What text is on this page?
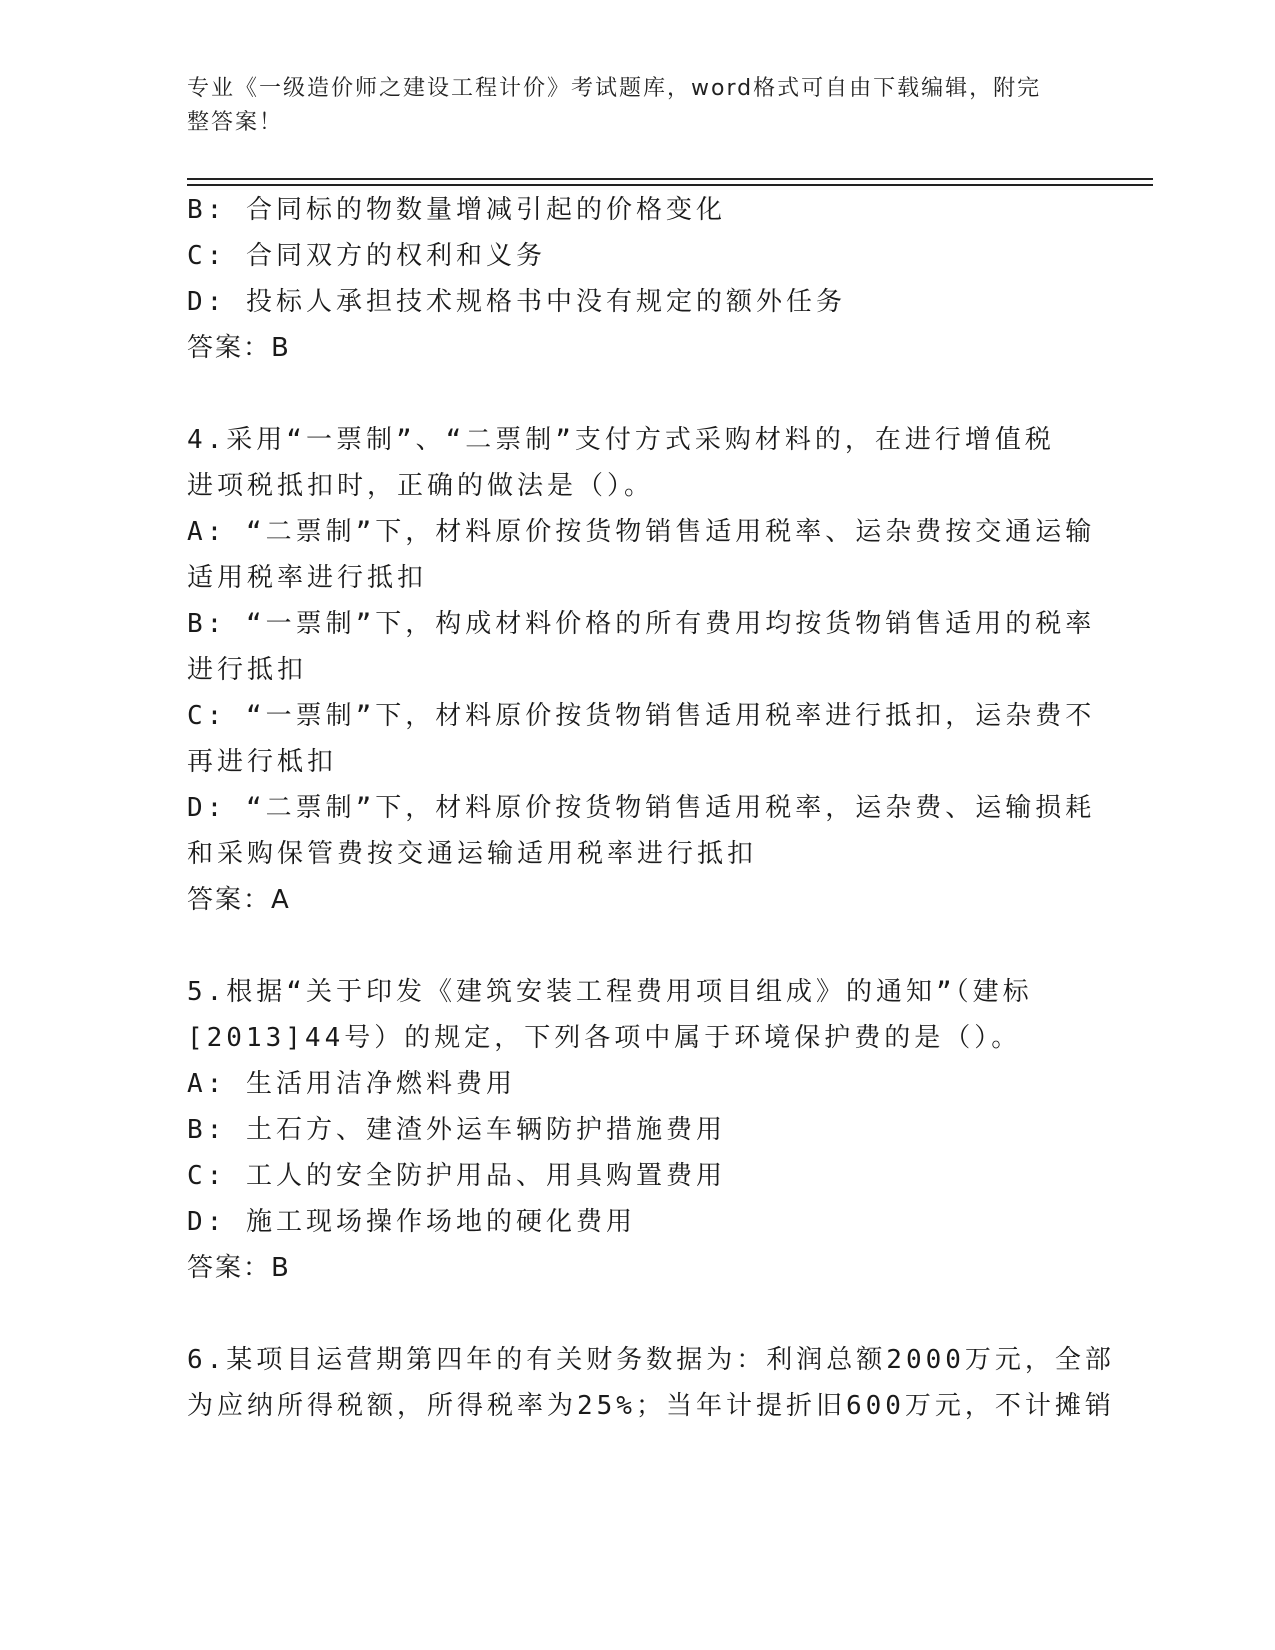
专业《一级造价师之建设工程计价》考试题库，word格式可自由下载编辑，附完
整答案！
B: 合同标的物数量增减引起的价格变化
C: 合同双方的权利和义务
D: 投标人承担技术规格书中没有规定的额外任务
答案：B
4.采用“一票制”、“二票制”支付方式采购材料的，在进行增值税
进项税抵扣时，正确的做法是（）。
A: “二票制”下，材料原价按货物销售适用税率、运杂费按交通运输
适用税率进行抵扣
B: “一票制”下，构成材料价格的所有费用均按货物销售适用的税率
进行抵扣
C: “一票制”下，材料原价按货物销售适用税率进行抵扣，运杂费不
再进行柢扣
D: “二票制”下，材料原价按货物销售适用税率，运杂费、运输损耗
和采购保管费按交通运输适用税率进行抵扣
答案：A
5.根据“关于印发《建筑安装工程费用项目组成》的通知”（建标
[2013]44号）的规定，下列各项中属于环境保护费的是（）。
A: 生活用洁净燃料费用
B: 土石方、建渣外运车辆防护措施费用
C: 工人的安全防护用品、用具购置费用
D: 施工现场操作场地的硬化费用
答案：B
6.某项目运营期第四年的有关财务数据为：利润总额2000万元，全部
为应纳所得税额，所得税率为25%；当年计提折旧600万元，不计摊销
